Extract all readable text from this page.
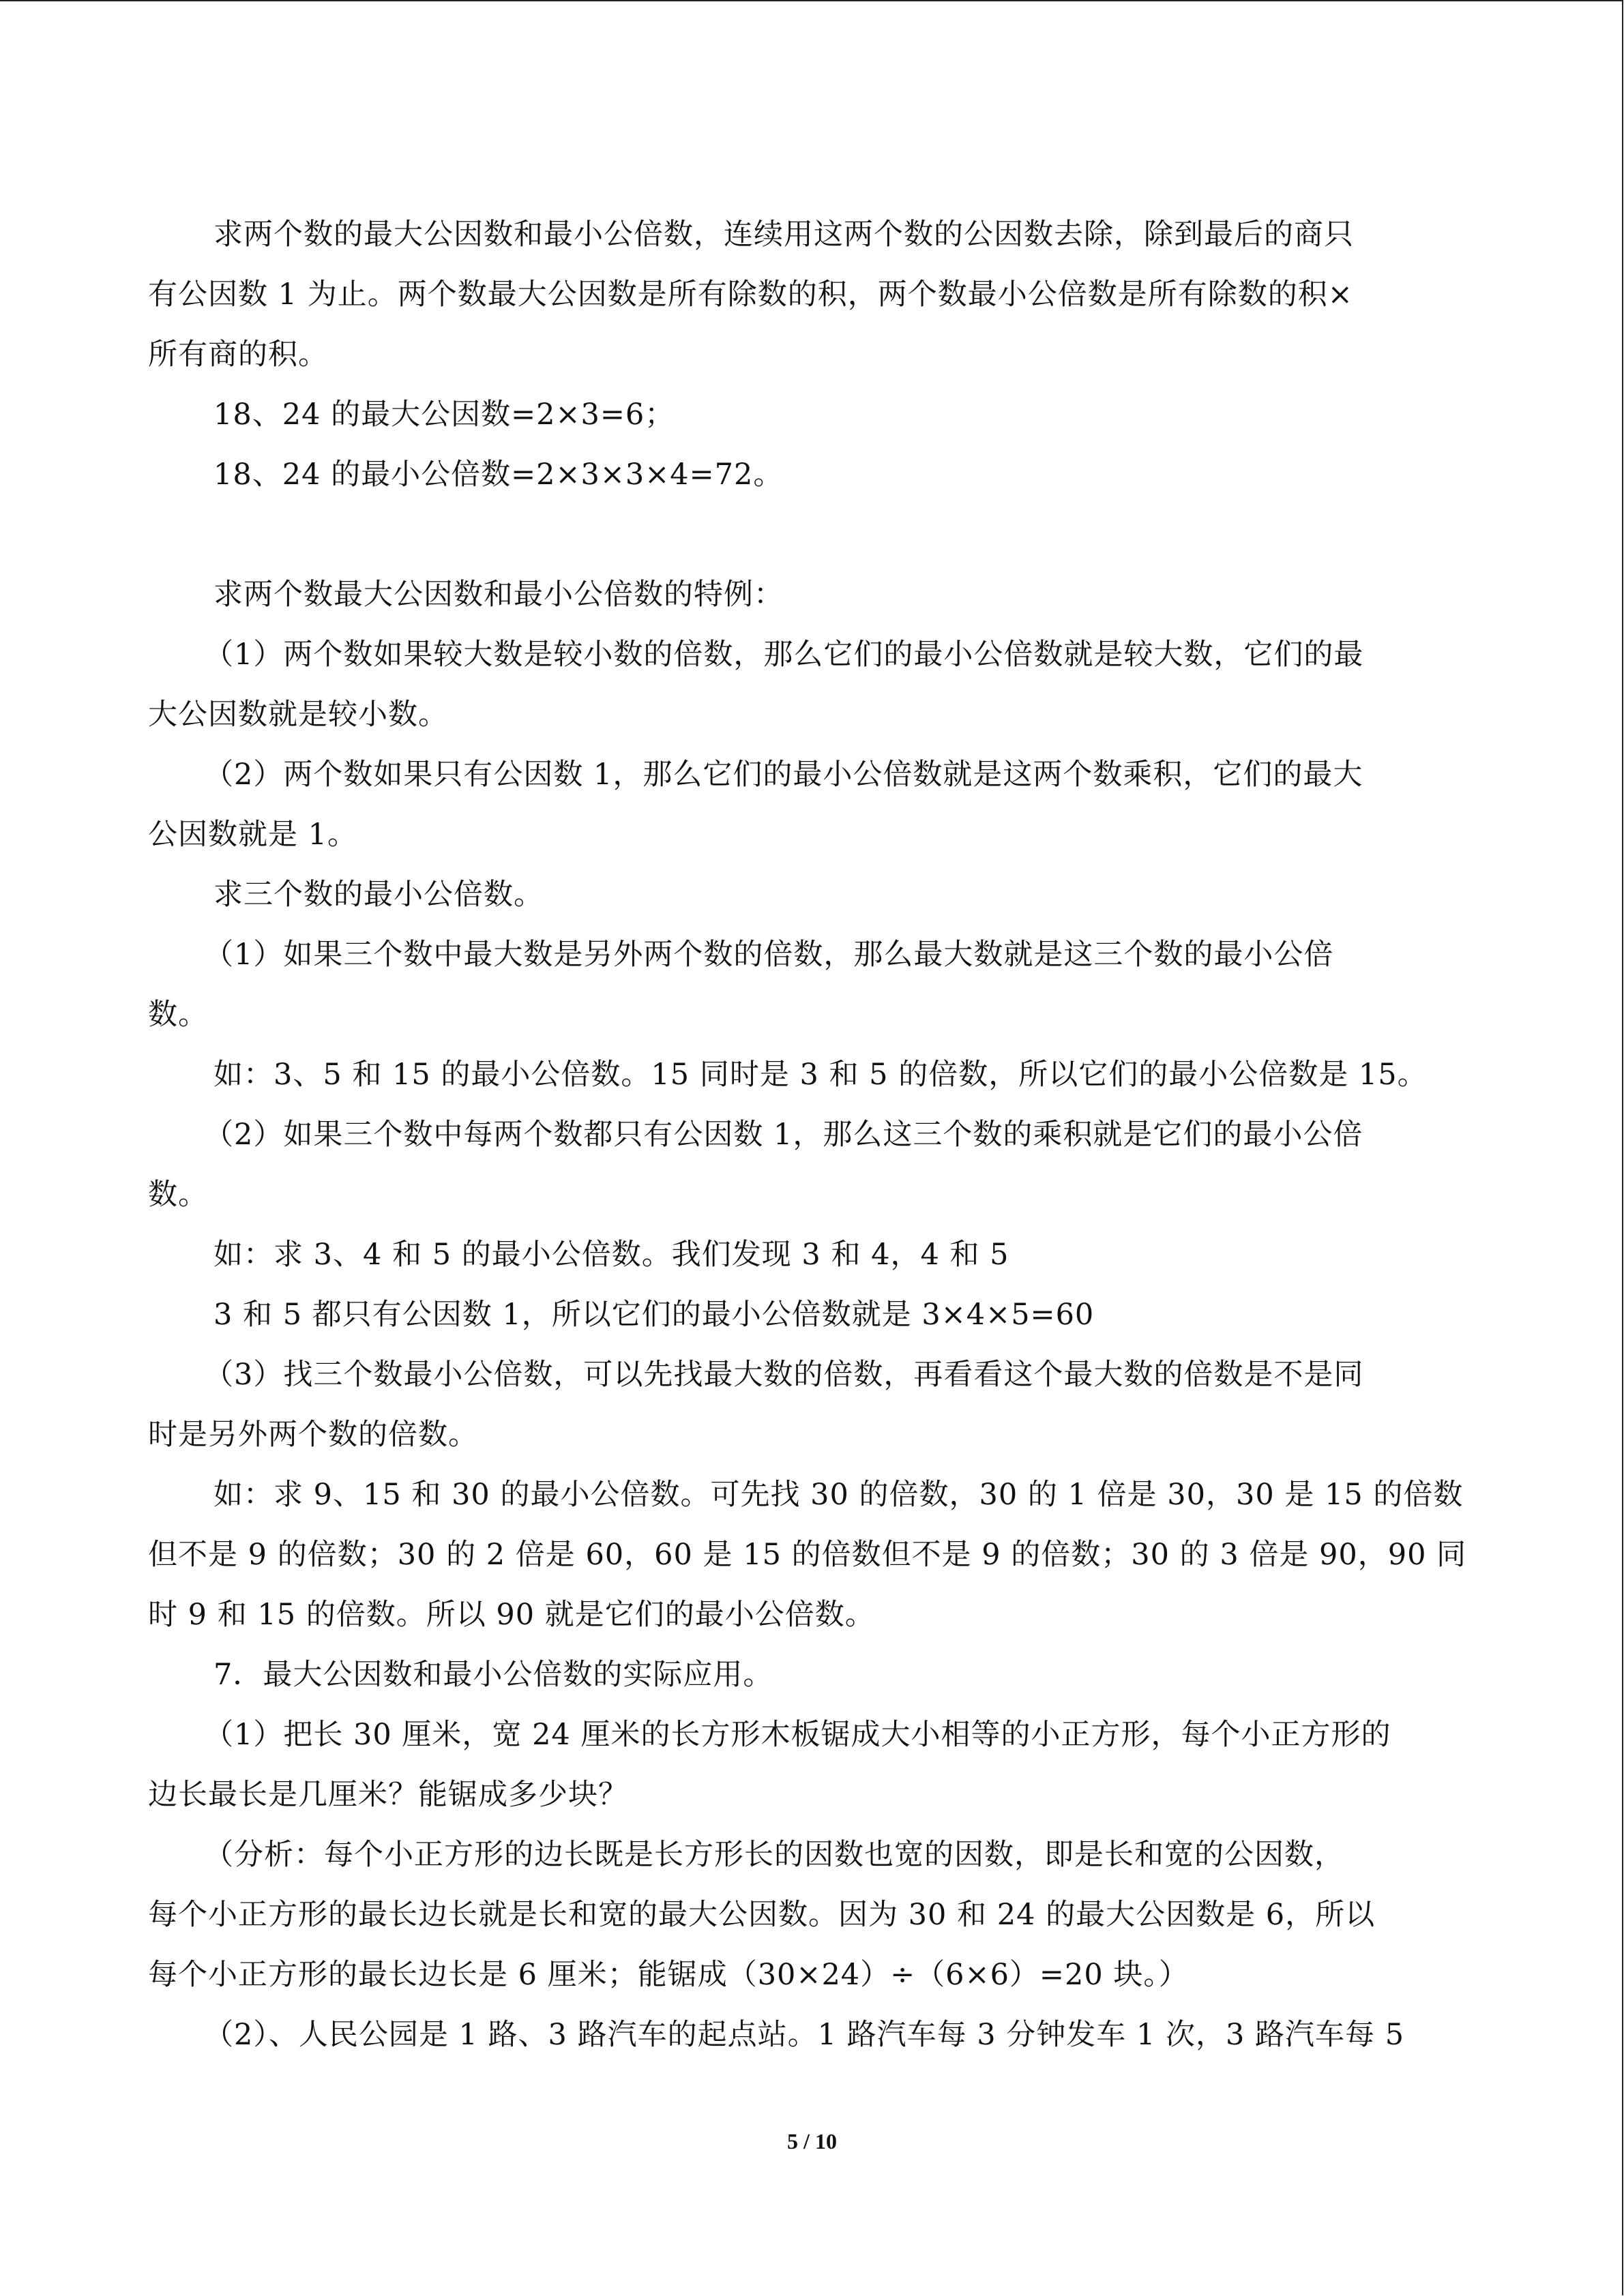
求两个数的最大公因数和最小公倍数，连续用这两个数的公因数去除，除到最后的商只
有公因数 1 为止。两个数最大公因数是所有除数的积，两个数最小公倍数是所有除数的积×
所有商的积。
18、24 的最大公因数=2×3=6；
18、24 的最小公倍数=2×3×3×4=72。
求两个数最大公因数和最小公倍数的特例：
（1）两个数如果较大数是较小数的倍数，那么它们的最小公倍数就是较大数，它们的最
大公因数就是较小数。
（2）两个数如果只有公因数 1，那么它们的最小公倍数就是这两个数乘积，它们的最大
公因数就是 1。
求三个数的最小公倍数。
（1）如果三个数中最大数是另外两个数的倍数，那么最大数就是这三个数的最小公倍
数。
如：3、5 和 15 的最小公倍数。15 同时是 3 和 5 的倍数，所以它们的最小公倍数是 15。
（2）如果三个数中每两个数都只有公因数 1，那么这三个数的乘积就是它们的最小公倍
数。
如：求 3、4 和 5 的最小公倍数。我们发现 3 和 4，4 和 5
3 和 5 都只有公因数 1，所以它们的最小公倍数就是 3×4×5=60
（3）找三个数最小公倍数，可以先找最大数的倍数，再看看这个最大数的倍数是不是同
时是另外两个数的倍数。
如：求 9、15 和 30 的最小公倍数。可先找 30 的倍数，30 的 1 倍是 30，30 是 15 的倍数
但不是 9 的倍数；30 的 2 倍是 60，60 是 15 的倍数但不是 9 的倍数；30 的 3 倍是 90，90 同
时 9 和 15 的倍数。所以 90 就是它们的最小公倍数。
7．最大公因数和最小公倍数的实际应用。
（1）把长 30 厘米，宽 24 厘米的长方形木板锯成大小相等的小正方形，每个小正方形的
边长最长是几厘米？能锯成多少块？
（分析：每个小正方形的边长既是长方形长的因数也宽的因数，即是长和宽的公因数，
每个小正方形的最长边长就是长和宽的最大公因数。因为 30 和 24 的最大公因数是 6，所以
每个小正方形的最长边长是 6 厘米；能锯成（30×24）÷（6×6）=20 块。）
（2）、人民公园是 1 路、3 路汽车的起点站。1 路汽车每 3 分钟发车 1 次，3 路汽车每 5
5 / 10
